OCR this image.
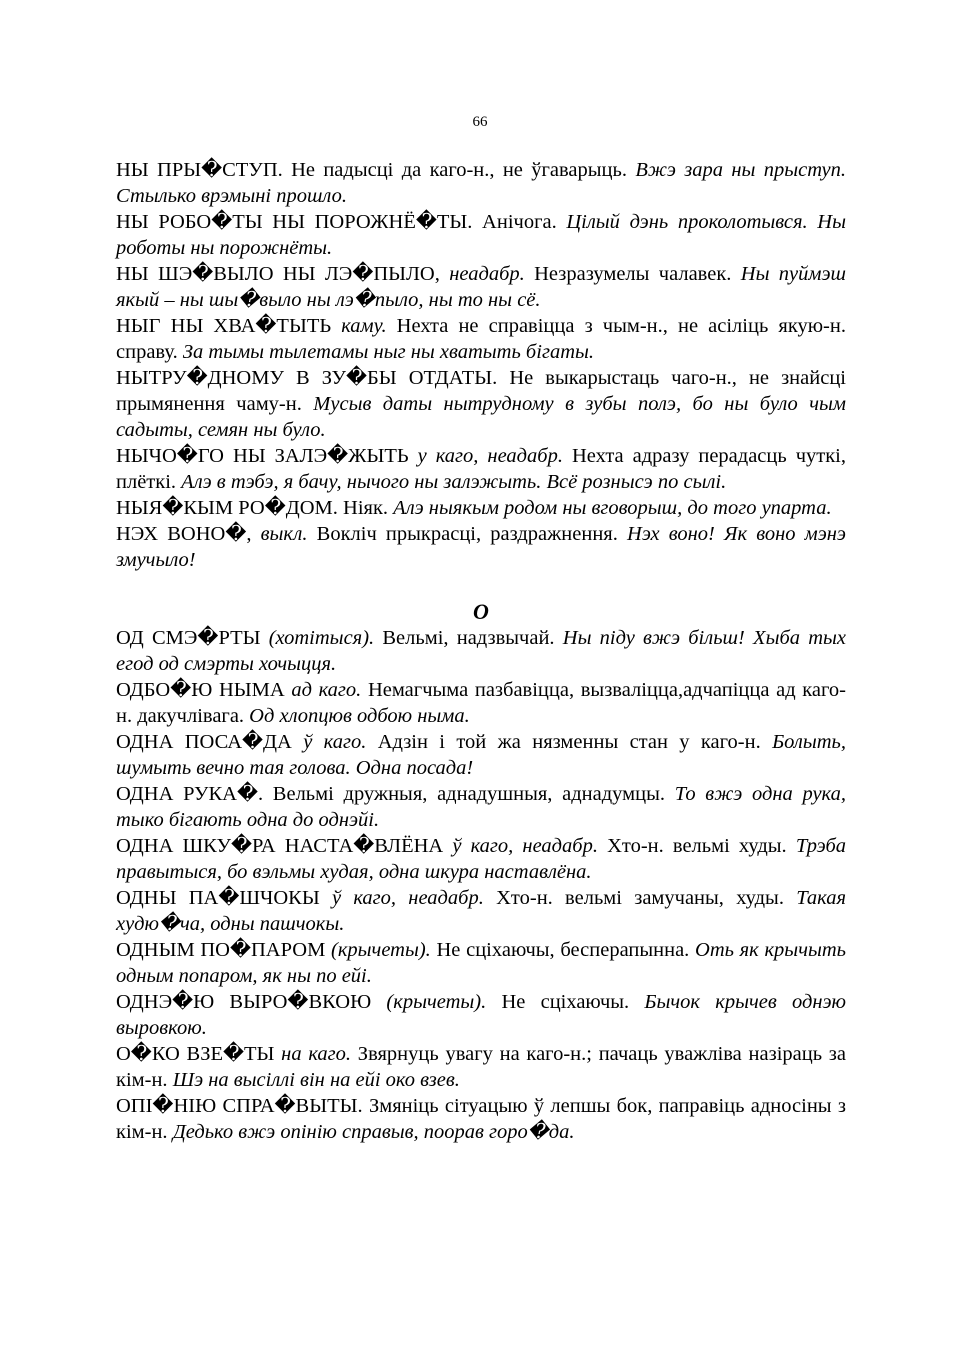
66
НЫ ПРЫ�СТУП. Не падысці да каго-н., не ўгаварыць. Вжэ зара ны прыступ. Стылько врэмыні прошло.
НЫ РОБО�ТЫ НЫ ПОРОЖНЁ�ТЫ. Анічога. Цілый дэнь проколотывся. Ны роботы ны порожнёты.
НЫ ШЭ�ВЫЛО НЫ ЛЭ�ПЫЛО, неадабр. Незразумелы чалавек. Ны пуймэш якый – ны шы�выло ны лэ�пыло, ны то ны сё.
НЫГ НЫ ХВА�ТЫТЬ каму. Нехта не справіцца з чым-н., не асіліць якую-н. справу. За тымы тылетамы ныг ны хватыть бігаты.
НЫТРУ�ДНОМУ В ЗУ�БЫ ОТДАТЫ. Не выкарыстаць чаго-н., не знайсці прымянення чаму-н. Мусыв даты нытрудному в зубы полэ, бо ны було чым садыты, семян ны було.
НЫЧО�ГО НЫ ЗАЛЭ�ЖЫТЬ у каго, неадабр. Нехта адразу перадасць чуткі, плёткі. Алэ в тэбэ, я бачу, нычого ны залэжыть. Всё рознысэ по сылі.
НЫЯ�КЫМ РО�ДОМ. Ніяк. Алэ ныякым родом ны вговорыш, до того упарта.
НЭХ ВОНО�, выкл. Воклiч прыкрасці, раздражнення. Нэх воно! Як воно мэнэ змучыло!
О
ОД СМЭ�РТЫ (хотітыся). Вельмі, надзвычай. Ны піду вжэ більш! Хыба тых егод од смэрты хочыцця.
ОДБО�Ю НЫМА ад каго. Немагчыма пазбавіцца, вызваліцца,адчапіцца ад каго-н. дакучлівага. Од хлопцюв одбою ныма.
ОДНА ПОСА�ДА ў каго. Адзін і той жа нязменны стан у каго-н. Болыть, шумыть вечно тая голова. Одна посада!
ОДНА РУКА�. Вельмі дружныя, аднадушныя, аднадумцы. То вжэ одна рука, тыко бігають одна до однэйі.
ОДНА ШКУ�РА НАСТА�ВЛЁНА ў каго, неадабр. Хто-н. вельмі худы. Трэба правытыся, бо вэльмы худая, одна шкура наставлёна.
ОДНЫ ПА�ШЧОКЫ ў каго, неадабр. Хто-н. вельмі замучаны, худы. Такая худю�ча, одны пашчокы.
ОДНЫМ ПО�ПАРОМ (крычеты). Не сціхаючы, бесперапынна. Оть як крычыть одным попаром, як ны по ейі.
ОДНЭ�Ю ВЫРО�ВКОЮ (крычеты). Не сціхаючы. Бычок крычев однэю выровкою.
О�КО ВЗЕ�ТЫ на каго. Звярнуць увагу на каго-н.; пачаць уважліва назіраць за кім-н. Шэ на высіллі він на ейі око взев.
ОПІ�НІЮ СПРА�ВЫТЫ. Змяніць сітуацыю ў лепшы бок, паправіць адносіны з кім-н. Дедько вжэ опінію справыв, поорав горо�да.
